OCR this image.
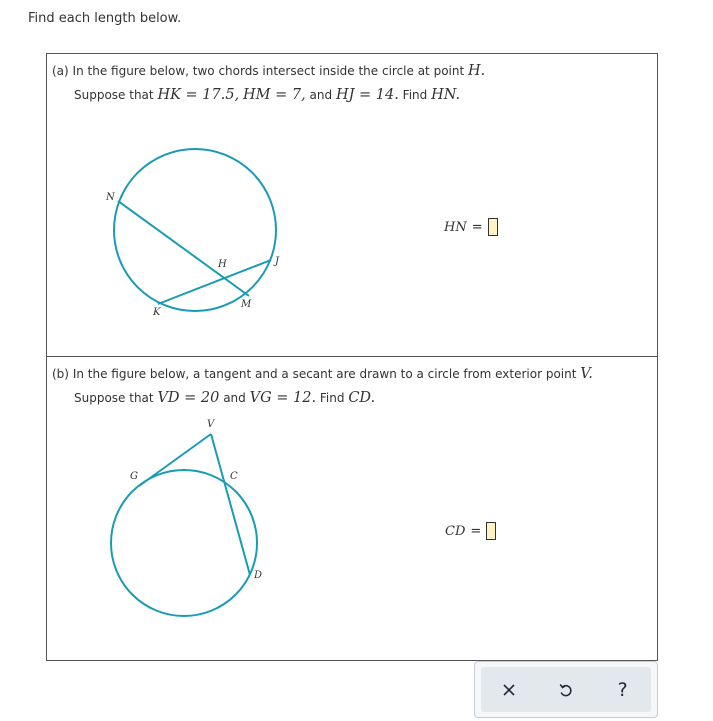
Find each length below.
(a) In the figure below, two chords intersect inside the circle at point H.
Suppose that HK = 17.5, HM = 7, and HJ = 14. Find HN.
N
H	J
K
M
HN =
(b) In the figure below, a tangent and a secant are drawn to a circle from exterior point V.
Suppose that VD = 20 and VG = 12. Find CD.
V
G	C
D
CD =
?
